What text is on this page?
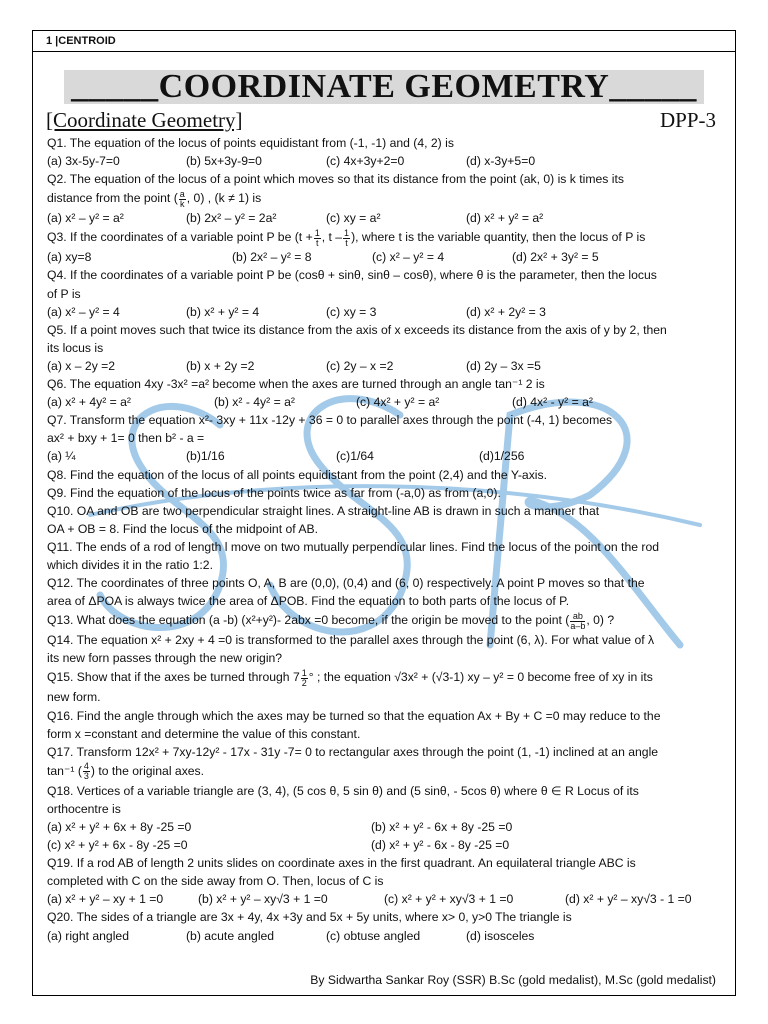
1 |CENTROID
_____COORDINATE GEOMETRY_____
[Coordinate Geometry]	DPP-3
Q1. The equation of the locus of points equidistant from (-1, -1) and (4, 2) is
(a) 3x-5y-7=0	(b) 5x+3y-9=0	(c) 4x+3y+2=0	(d) x-3y+5=0
Q2. The equation of the locus of a point which moves so that its distance from the point (ak, 0) is k times its
distance from the point ( $\frac{a}{k}$ , 0) , (k ≠ 1) is
(a) x² – y² = a²	(b) 2x² – y² = 2a²	(c) xy = a²	(d) x² + y² = a²
Q3. If the coordinates of a variable point P be ($t + \frac{1}{t}$ , t – $\frac{1}{t}$ ), where t is the variable quantity, then the locus of P is
(a) xy=8	(b) 2x² – y² = 8	(c) x² – y² = 4	(d) 2x² + 3y² = 5
Q4. If the coordinates of a variable point P be (cosθ + sinθ, sinθ – cosθ), where θ is the parameter, then the locus
of P is
(a) x² – y² = 4	(b) x² + y² = 4	(c) xy = 3	(d) x² + 2y² = 3
Q5. If a point moves such that twice its distance from the axis of x exceeds its distance from the axis of y by 2, then
its locus is
(a) x – 2y =2	(b) x + 2y =2	(c) 2y – x =2	(d) 2y – 3x =5
Q6. The equation 4xy -3x² =a² become when the axes are turned through an angle tan⁻¹ 2 is
(a) x² + 4y² = a²	(b) x² - 4y² = a²	(c) 4x² + y² = a²	(d) 4x² - y² = a²
Q7. Transform the equation x²- 3xy + 11x -12y + 36 = 0 to parallel axes through the point (-4, 1) becomes
ax² + bxy + 1= 0 then b² - a =
(a) ¼	(b)1/16	(c)1/64	(d)1/256
Q8. Find the equation of the locus of all points equidistant from the point (2,4) and the Y-axis.
Q9. Find the equation of the locus of the points twice as far from (-a,0) as from (a,0).
Q10. OA and OB are two perpendicular straight lines. A straight-line AB is drawn in such a manner that
OA + OB = 8. Find the locus of the midpoint of AB.
Q11. The ends of a rod of length l move on two mutually perpendicular lines. Find the locus of the point on the rod
which divides it in the ratio 1:2.
Q12. The coordinates of three points O, A, B are (0,0), (0,4) and (6, 0) respectively. A point P moves so that the
area of ΔPOA is always twice the area of ΔPOB. Find the equation to both parts of the locus of P.
Q13. What does the equation (a -b) (x²+y²)- 2abx =0 become, if the origin be moved to the point ( $\frac{ab}{a-b}$ , 0) ?
Q14. The equation x² + 2xy + 4 =0 is transformed to the parallel axes through the point (6, λ). For what value of λ
its new forn passes through the new origin?
Q15. Show that if the axes be turned through $7 \frac{1}{2}$ ° ; the equation √3x² + (√3-1) xy – y² = 0 become free of xy in its
new form.
Q16. Find the angle through which the axes may be turned so that the equation Ax + By + C =0 may reduce to the
form x =constant and determine the value of this constant.
Q17. Transform 12x² + 7xy-12y² - 17x - 31y -7= 0 to rectangular axes through the point (1, -1) inclined at an angle
tan⁻¹ ( $\frac{4}{3}$ ) to the original axes.
Q18. Vertices of a variable triangle are (3, 4), (5 cos θ, 5 sin θ) and (5 sinθ, - 5cos θ) where θ ∈ R Locus of its
orthocentre is
(a) x² + y² + 6x + 8y -25 =0	(b) x² + y² - 6x + 8y -25 =0
(c) x² + y² + 6x - 8y -25 =0	(d) x² + y² - 6x - 8y -25 =0
Q19. If a rod AB of length 2 units slides on coordinate axes in the first quadrant. An equilateral triangle ABC is
completed with C on the side away from O. Then, locus of C is
(a) x² + y² – xy + 1 =0	(b) x² + y² – xy√3 + 1 =0	(c) x² + y² + xy√3 + 1 =0	(d) x² + y² – xy√3 - 1 =0
Q20. The sides of a triangle are 3x + 4y, 4x +3y and 5x + 5y units, where x> 0, y>0 The triangle is
(a) right angled	(b) acute angled	(c) obtuse angled	(d) isosceles
By Sidwartha Sankar Roy (SSR) B.Sc (gold medalist), M.Sc (gold medalist)
